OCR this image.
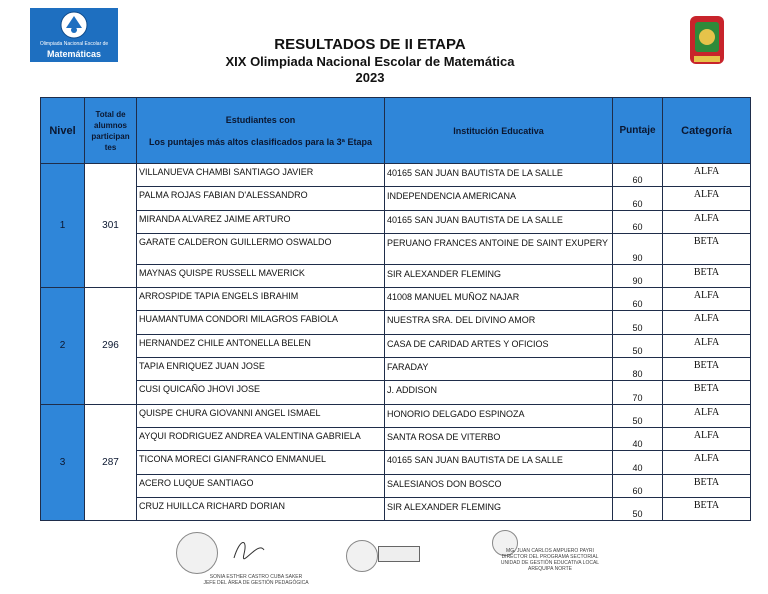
Olimpiada Nacional Escolar de
Matemáticas
RESULTADOS DE II ETAPA
XIX Olimpiada Nacional Escolar de Matemática
2023
Nivel	Total de alumnos participan tes	Estudiantes con
Los puntajes más altos clasificados para la 3ª Etapa	Institución Educativa	Puntaje	Categoría
1	301	VILLANUEVA CHAMBI SANTIAGO JAVIER	40165 SAN JUAN BAUTISTA DE LA SALLE	60	ALFA
		PALMA ROJAS FABIAN D'ALESSANDRO	INDEPENDENCIA AMERICANA	60	ALFA
		MIRANDA ALVAREZ JAIME ARTURO	40165 SAN JUAN BAUTISTA DE LA SALLE	60	ALFA
		GARATE CALDERON GUILLERMO OSWALDO	PERUANO FRANCES ANTOINE DE SAINT EXUPERY	90	BETA
		MAYNAS QUISPE RUSSELL MAVERICK	SIR ALEXANDER FLEMING	90	BETA
2	296	ARROSPIDE TAPIA ENGELS IBRAHIM	41008 MANUEL MUÑOZ NAJAR	60	ALFA
		HUAMANTUMA CONDORI MILAGROS FABIOLA	NUESTRA SRA. DEL DIVINO AMOR	50	ALFA
		HERNANDEZ CHILE ANTONELLA BELEN	CASA DE CARIDAD ARTES Y OFICIOS	50	ALFA
		TAPIA ENRIQUEZ JUAN JOSE	FARADAY	80	BETA
		CUSI QUICAÑO JHOVI JOSE	J. ADDISON	70	BETA
3	287	QUISPE CHURA GIOVANNI ANGEL ISMAEL	HONORIO DELGADO ESPINOZA	50	ALFA
		AYQUI RODRIGUEZ ANDREA VALENTINA GABRIELA	SANTA ROSA DE VITERBO	40	ALFA
		TICONA MORECI GIANFRANCO ENMANUEL	40165 SAN JUAN BAUTISTA DE LA SALLE	40	ALFA
		ACERO LUQUE SANTIAGO	SALESIANOS DON BOSCO	60	BETA
		CRUZ HUILLCA RICHARD DORIAN	SIR ALEXANDER FLEMING	50	BETA
SONIA ESTHER CASTRO CUBA SAKER
JEFE DEL ÁREA DE GESTIÓN PEDAGÓGICA
MG. JUAN CARLOS AMPUERO PAYRI
DIRECTOR DEL PROGRAMA SECTORIAL
UNIDAD DE GESTIÓN EDUCATIVA LOCAL
AREQUIPA NORTE
